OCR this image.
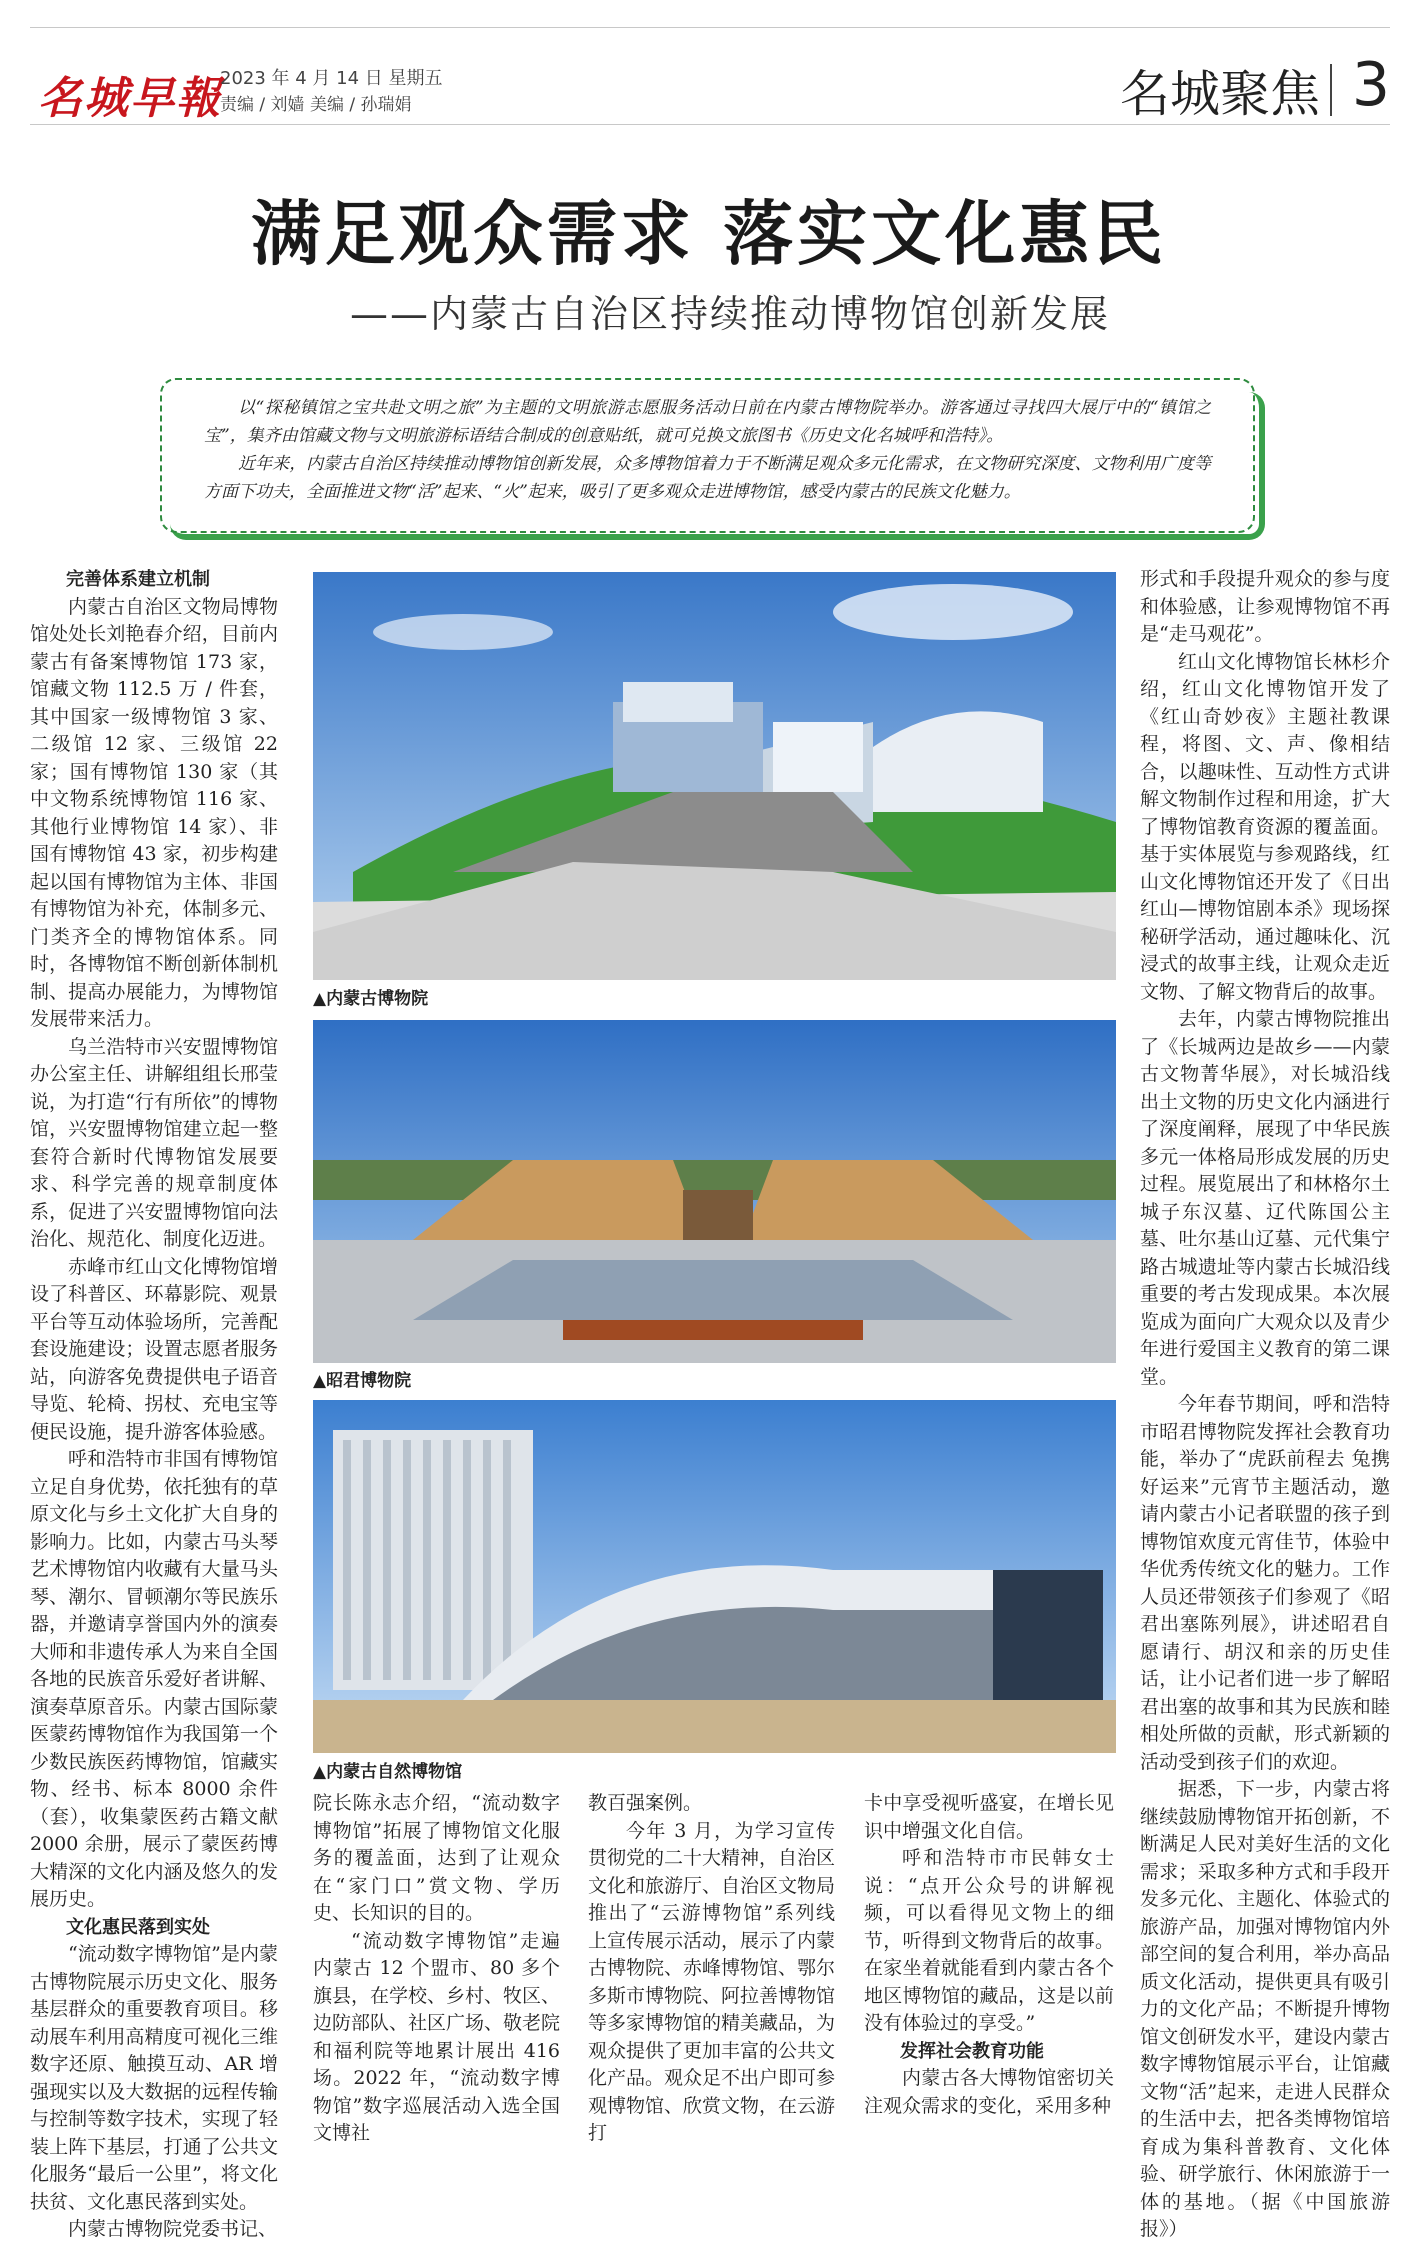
名城早報
2023 年 4 月 14 日 星期五
责编 / 刘嫱 美编 / 孙瑞娟	名城聚焦 3
满足观众需求 落实文化惠民
——内蒙古自治区持续推动博物馆创新发展

以“探秘镇馆之宝共赴文明之旅”为主题的文明旅游志愿服务活动日前在内蒙古博物院举办。游客通过寻找四大展厅中的“镇馆之宝”，集齐由馆藏文物与文明旅游标语结合制成的创意贴纸，就可兑换文旅图书《历史文化名城呼和浩特》。

近年来，内蒙古自治区持续推动博物馆创新发展，众多博物馆着力于不断满足观众多元化需求，在文物研究深度、文物利用广度等方面下功夫，全面推进文物“活”起来、“火”起来，吸引了更多观众走进博物馆，感受内蒙古的民族文化魅力。

完善体系建立机制

内蒙古自治区文物局博物馆处处长刘艳春介绍，目前内蒙古有备案博物馆 173 家，馆藏文物 112.5 万 / 件套，其中国家一级博物馆 3 家、二级馆 12 家、三级馆 22 家；国有博物馆 130 家（其中文物系统博物馆 116 家、其他行业博物馆 14 家）、非国有博物馆 43 家，初步构建起以国有博物馆为主体、非国有博物馆为补充，体制多元、门类齐全的博物馆体系。同时，各博物馆不断创新体制机制、提高办展能力，为博物馆发展带来活力。

乌兰浩特市兴安盟博物馆办公室主任、讲解组组长邢莹说，为打造“行有所依”的博物馆，兴安盟博物馆建立起一整套符合新时代博物馆发展要求、科学完善的规章制度体系，促进了兴安盟博物馆向法治化、规范化、制度化迈进。

赤峰市红山文化博物馆增设了科普区、环幕影院、观景平台等互动体验场所，完善配套设施建设；设置志愿者服务站，向游客免费提供电子语音导览、轮椅、拐杖、充电宝等便民设施，提升游客体验感。

呼和浩特市非国有博物馆立足自身优势，依托独有的草原文化与乡土文化扩大自身的影响力。比如，内蒙古马头琴艺术博物馆内收藏有大量马头琴、潮尔、冒顿潮尔等民族乐器，并邀请享誉国内外的演奏大师和非遗传承人为来自全国各地的民族音乐爱好者讲解、演奏草原音乐。内蒙古国际蒙医蒙药博物馆作为我国第一个少数民族医药博物馆，馆藏实物、经书、标本 8000 余件（套），收集蒙医药古籍文献 2000 余册，展示了蒙医药博大精深的文化内涵及悠久的发展历史。

文化惠民落到实处

“流动数字博物馆”是内蒙古博物院展示历史文化、服务基层群众的重要教育项目。移动展车利用高精度可视化三维数字还原、触摸互动、AR 增强现实以及大数据的远程传输与控制等数字技术，实现了轻装上阵下基层，打通了公共文化服务“最后一公里”，将文化扶贫、文化惠民落到实处。

内蒙古博物院党委书记、

▲内蒙古博物院
▲昭君博物院
▲内蒙古自然博物馆

院长陈永志介绍，“流动数字博物馆”拓展了博物馆文化服务的覆盖面，达到了让观众在“家门口”赏文物、学历史、长知识的目的。

“流动数字博物馆”走遍内蒙古 12 个盟市、80 多个旗县，在学校、乡村、牧区、边防部队、社区广场、敬老院和福利院等地累计展出 416 场。2022 年，“流动数字博物馆”数字巡展活动入选全国文博社

教百强案例。

今年 3 月，为学习宣传贯彻党的二十大精神，自治区文化和旅游厅、自治区文物局推出了“云游博物馆”系列线上宣传展示活动，展示了内蒙古博物院、赤峰博物馆、鄂尔多斯市博物院、阿拉善博物馆等多家博物馆的精美藏品，为观众提供了更加丰富的公共文化产品。观众足不出户即可参观博物馆、欣赏文物，在云游打

卡中享受视听盛宴，在增长见识中增强文化自信。

呼和浩特市市民韩女士说：“点开公众号的讲解视频，可以看得见文物上的细节，听得到文物背后的故事。在家坐着就能看到内蒙古各个地区博物馆的藏品，这是以前没有体验过的享受。”

发挥社会教育功能

内蒙古各大博物馆密切关注观众需求的变化，采用多种

形式和手段提升观众的参与度和体验感，让参观博物馆不再是“走马观花”。

红山文化博物馆长林杉介绍，红山文化博物馆开发了《红山奇妙夜》主题社教课程，将图、文、声、像相结合，以趣味性、互动性方式讲解文物制作过程和用途，扩大了博物馆教育资源的覆盖面。基于实体展览与参观路线，红山文化博物馆还开发了《日出红山—博物馆剧本杀》现场探秘研学活动，通过趣味化、沉浸式的故事主线，让观众走近文物、了解文物背后的故事。

去年，内蒙古博物院推出了《长城两边是故乡——内蒙古文物菁华展》，对长城沿线出土文物的历史文化内涵进行了深度阐释，展现了中华民族多元一体格局形成发展的历史过程。展览展出了和林格尔土城子东汉墓、辽代陈国公主墓、吐尔基山辽墓、元代集宁路古城遗址等内蒙古长城沿线重要的考古发现成果。本次展览成为面向广大观众以及青少年进行爱国主义教育的第二课堂。

今年春节期间，呼和浩特市昭君博物院发挥社会教育功能，举办了“虎跃前程去 兔携好运来”元宵节主题活动，邀请内蒙古小记者联盟的孩子到博物馆欢度元宵佳节，体验中华优秀传统文化的魅力。工作人员还带领孩子们参观了《昭君出塞陈列展》，讲述昭君自愿请行、胡汉和亲的历史佳话，让小记者们进一步了解昭君出塞的故事和其为民族和睦相处所做的贡献，形式新颖的活动受到孩子们的欢迎。

据悉，下一步，内蒙古将继续鼓励博物馆开拓创新，不断满足人民对美好生活的文化需求；采取多种方式和手段开发多元化、主题化、体验式的旅游产品，加强对博物馆内外部空间的复合利用，举办高品质文化活动，提供更具有吸引力的文化产品；不断提升博物馆文创研发水平，建设内蒙古数字博物馆展示平台，让馆藏文物“活”起来，走进人民群众的生活中去，把各类博物馆培育成为集科普教育、文化体验、研学旅行、休闲旅游于一体的基地。（据《中国旅游报》）
